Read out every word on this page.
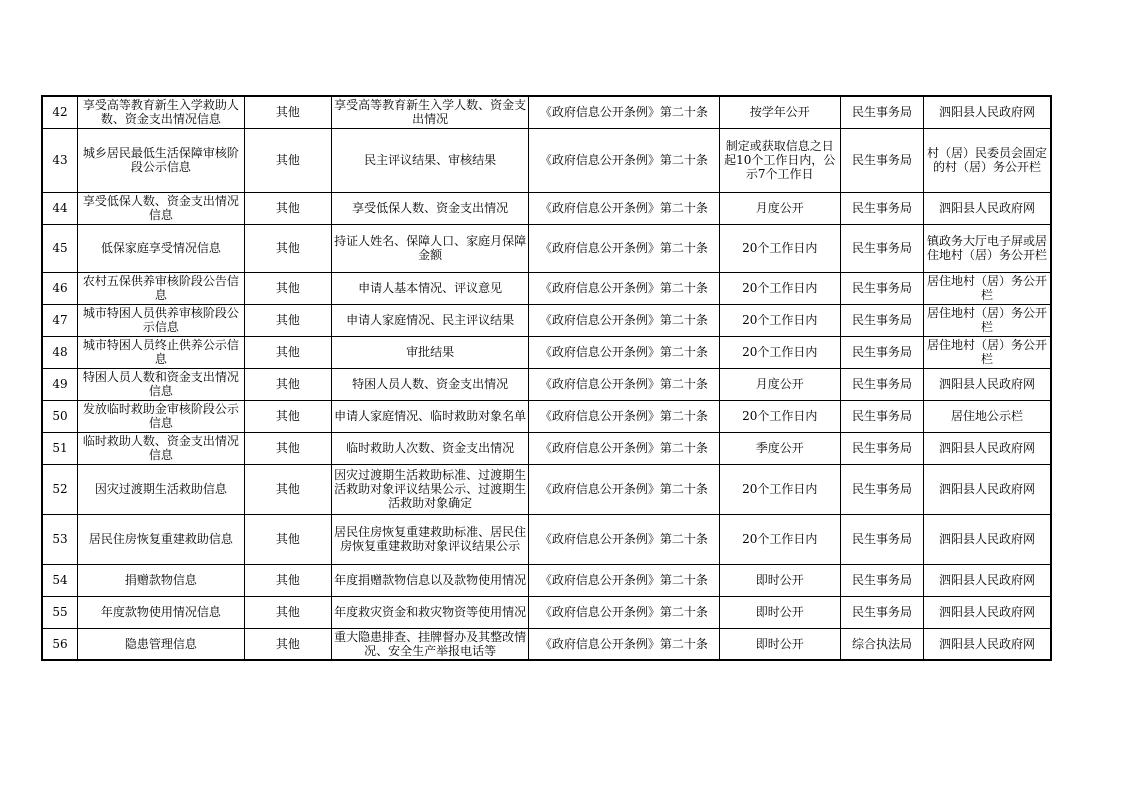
42	享受高等教育新生入学救助人数、资金支出情况信息	其他	享受高等教育新生入学人数、资金支出情况	《政府信息公开条例》第二十条	按学年公开	民生事务局	泗阳县人民政府网
43	城乡居民最低生活保障审核阶段公示信息	其他	民主评议结果、审核结果	《政府信息公开条例》第二十条	制定或获取信息之日起10个工作日内，公示7个工作日	民生事务局	村（居）民委员会固定的村（居）务公开栏
44	享受低保人数、资金支出情况信息	其他	享受低保人数、资金支出情况	《政府信息公开条例》第二十条	月度公开	民生事务局	泗阳县人民政府网
45	低保家庭享受情况信息	其他	持证人姓名、保障人口、家庭月保障金额	《政府信息公开条例》第二十条	20个工作日内	民生事务局	镇政务大厅电子屏或居住地村（居）务公开栏
46	农村五保供养审核阶段公告信息	其他	申请人基本情况、评议意见	《政府信息公开条例》第二十条	20个工作日内	民生事务局	居住地村（居）务公开栏
47	城市特困人员供养审核阶段公示信息	其他	申请人家庭情况、民主评议结果	《政府信息公开条例》第二十条	20个工作日内	民生事务局	居住地村（居）务公开栏
48	城市特困人员终止供养公示信息	其他	审批结果	《政府信息公开条例》第二十条	20个工作日内	民生事务局	居住地村（居）务公开栏
49	特困人员人数和资金支出情况信息	其他	特困人员人数、资金支出情况	《政府信息公开条例》第二十条	月度公开	民生事务局	泗阳县人民政府网
50	发放临时救助金审核阶段公示信息	其他	申请人家庭情况、临时救助对象名单	《政府信息公开条例》第二十条	20个工作日内	民生事务局	居住地公示栏
51	临时救助人数、资金支出情况信息	其他	临时救助人次数、资金支出情况	《政府信息公开条例》第二十条	季度公开	民生事务局	泗阳县人民政府网
52	因灾过渡期生活救助信息	其他	因灾过渡期生活救助标准、过渡期生活救助对象评议结果公示、过渡期生活救助对象确定	《政府信息公开条例》第二十条	20个工作日内	民生事务局	泗阳县人民政府网
53	居民住房恢复重建救助信息	其他	居民住房恢复重建救助标准、居民住房恢复重建救助对象评议结果公示	《政府信息公开条例》第二十条	20个工作日内	民生事务局	泗阳县人民政府网
54	捐赠款物信息	其他	年度捐赠款物信息以及款物使用情况	《政府信息公开条例》第二十条	即时公开	民生事务局	泗阳县人民政府网
55	年度款物使用情况信息	其他	年度救灾资金和救灾物资等使用情况	《政府信息公开条例》第二十条	即时公开	民生事务局	泗阳县人民政府网
56	隐患管理信息	其他	重大隐患排查、挂牌督办及其整改情况、安全生产举报电话等	《政府信息公开条例》第二十条	即时公开	综合执法局	泗阳县人民政府网
